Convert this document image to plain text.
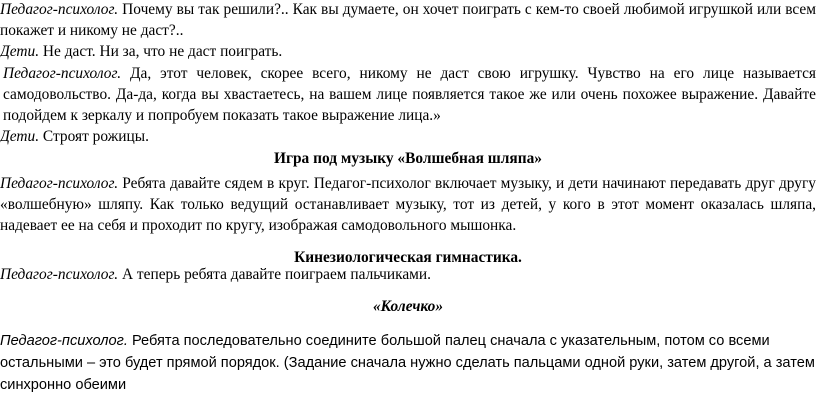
Педагог-психолог. Почему вы так решили?.. Как вы думаете, он хочет поиграть с кем-то своей любимой игрушкой или всем покажет и никому не даст?..

Дети. Не даст. Ни за, что не даст поиграть.

Педагог-психолог. Да, этот человек, скорее всего, никому не даст свою игрушку. Чувство на его лице называется самодовольство. Да-да, когда вы хвастаетесь, на вашем лице появляется такое же или очень похожее выражение. Давайте подойдем к зеркалу и попробуем показать такое выражение лица.»

Дети. Строят рожицы.

Игра под музыку «Волшебная шляпа»

Педагог-психолог. Ребята давайте сядем в круг. Педагог-психолог включает музыку, и дети начинают передавать друг другу «волшебную» шляпу. Как только ведущий останавливает музыку, тот из детей, у кого в этот момент оказалась шляпа, надевает ее на себя и проходит по кругу, изображая самодовольного мышонка.

Кинезиологическая гимнастика.

Педагог-психолог. А теперь ребята давайте поиграем пальчиками.

«Колечко»

Педагог-психолог. Ребята последовательно соедините большой палец сначала с указательным, потом со всеми остальными – это будет прямой порядок. (Задание сначала нужно сделать пальцами одной руки, затем другой, а затем синхронно обеими
